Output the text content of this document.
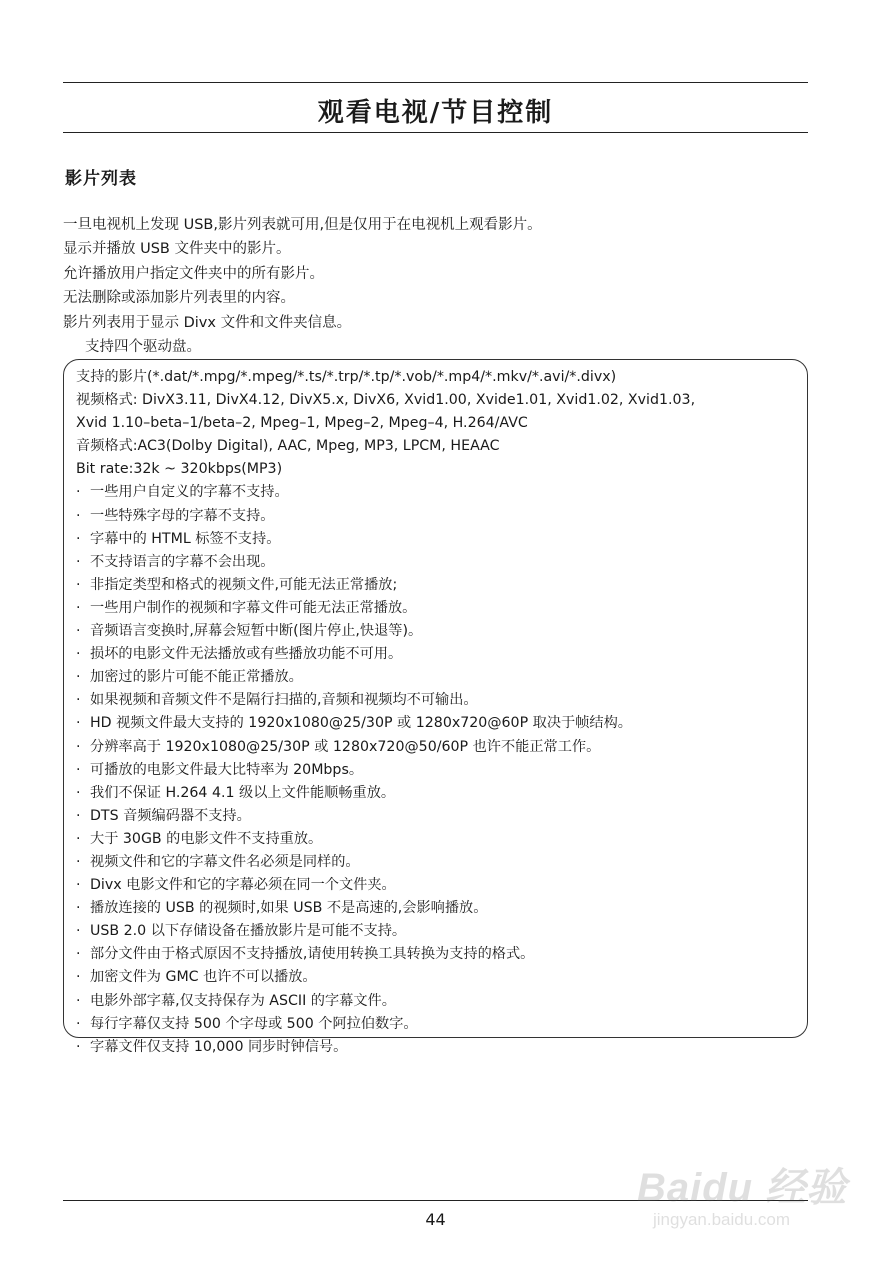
观看电视/节目控制
影片列表
一旦电视机上发现 USB,影片列表就可用,但是仅用于在电视机上观看影片。
显示并播放 USB 文件夹中的影片。
允许播放用户指定文件夹中的所有影片。
无法删除或添加影片列表里的内容。
影片列表用于显示 Divx 文件和文件夹信息。
支持四个驱动盘。
支持的影片(*.dat/*.mpg/*.mpeg/*.ts/*.trp/*.tp/*.vob/*.mp4/*.mkv/*.avi/*.divx)
视频格式: DivX3.11, DivX4.12, DivX5.x, DivX6, Xvid1.00, Xvide1.01, Xvid1.02, Xvid1.03,
Xvid 1.10–beta–1/beta–2, Mpeg–1, Mpeg–2, Mpeg–4, H.264/AVC
音频格式:AC3(Dolby Digital), AAC, Mpeg, MP3, LPCM, HEAAC
Bit rate:32k ~ 320kbps(MP3)
· 一些用户自定义的字幕不支持。
· 一些特殊字母的字幕不支持。
· 字幕中的 HTML 标签不支持。
· 不支持语言的字幕不会出现。
· 非指定类型和格式的视频文件,可能无法正常播放;
· 一些用户制作的视频和字幕文件可能无法正常播放。
· 音频语言变换时,屏幕会短暂中断(图片停止,快退等)。
· 损坏的电影文件无法播放或有些播放功能不可用。
· 加密过的影片可能不能正常播放。
· 如果视频和音频文件不是隔行扫描的,音频和视频均不可输出。
· HD 视频文件最大支持的 1920x1080@25/30P 或 1280x720@60P 取决于帧结构。
· 分辨率高于 1920x1080@25/30P 或 1280x720@50/60P 也许不能正常工作。
· 可播放的电影文件最大比特率为 20Mbps。
· 我们不保证 H.264 4.1 级以上文件能顺畅重放。
· DTS 音频编码器不支持。
· 大于 30GB 的电影文件不支持重放。
· 视频文件和它的字幕文件名必须是同样的。
· Divx 电影文件和它的字幕必须在同一个文件夹。
· 播放连接的 USB 的视频时,如果 USB 不是高速的,会影响播放。
· USB 2.0 以下存储设备在播放影片是可能不支持。
· 部分文件由于格式原因不支持播放,请使用转换工具转换为支持的格式。
· 加密文件为 GMC 也许不可以播放。
· 电影外部字幕,仅支持保存为 ASCII 的字幕文件。
· 每行字幕仅支持 500 个字母或 500 个阿拉伯数字。
· 字幕文件仅支持 10,000 同步时钟信号。
44
Baidu 经验
jingyan.baidu.com
